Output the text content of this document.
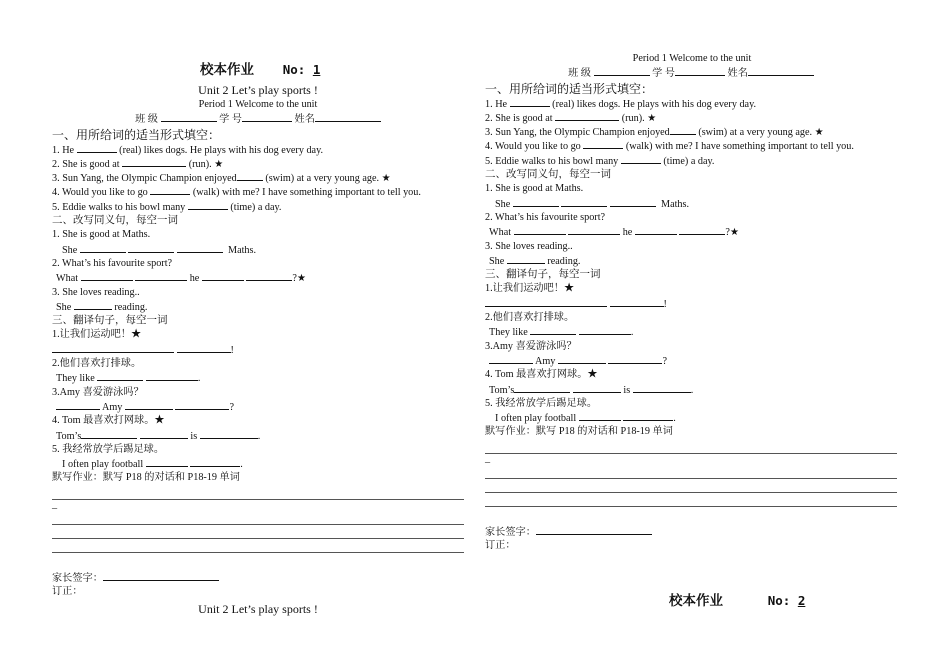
校本作业 No: 1
Unit 2 Let’s play sports !
Period 1 Welcome to the unit
班 级	学 号	姓名
一、用所给词的适当形式填空：
1. He	(real) likes dogs. He plays with his dog every day.
2. She is good at	(run). ★
3. Sun Yang, the Olympic Champion enjoyed	(swim) at a very young age. ★
4. Would you like to go	(walk) with me? I have something important to tell you.
5. Eddie walks to his bowl many	(time) a day.
二、改写同义句，每空一词
1. She is good at Maths.
She	Maths.
2. What’s his favourite sport?
What	he	?★
3. She loves reading..
She	reading.
三、翻译句子，每空一词
1.让我们运动吧！★
!
2.他们喜欢打排球。
They like	.
3.Amy 喜爱游泳吗？
Amy	?
4. Tom 最喜欢打网球。★
Tom’s	is	.
5. 我经常放学后踢足球。
I often play football	.
默写作业：默写 P18 的对话和 P18-19 单词
_
家长签字：
订正：
Unit 2 Let’s play sports !
Period 1 Welcome to the unit
班 级	学 号	姓名
一、用所给词的适当形式填空：
1. He	(real) likes dogs. He plays with his dog every day.
2. She is good at	(run). ★
3. Sun Yang, the Olympic Champion enjoyed	(swim) at a very young age. ★
4. Would you like to go	(walk) with me? I have something important to tell you.
5. Eddie walks to his bowl many	(time) a day.
二、改写同义句，每空一词
1. She is good at Maths.
She	Maths.
2. What’s his favourite sport?
What	he	?★
3. She loves reading..
She	reading.
三、翻译句子，每空一词
1.让我们运动吧！★
!
2.他们喜欢打排球。
They like	.
3.Amy 喜爱游泳吗？
Amy	?
4. Tom 最喜欢打网球。★
Tom’s	is	.
5. 我经常放学后踢足球。
I often play football	.
默写作业：默写 P18 的对话和 P18-19 单词
_
家长签字：
订正：
校本作业	No: 2
